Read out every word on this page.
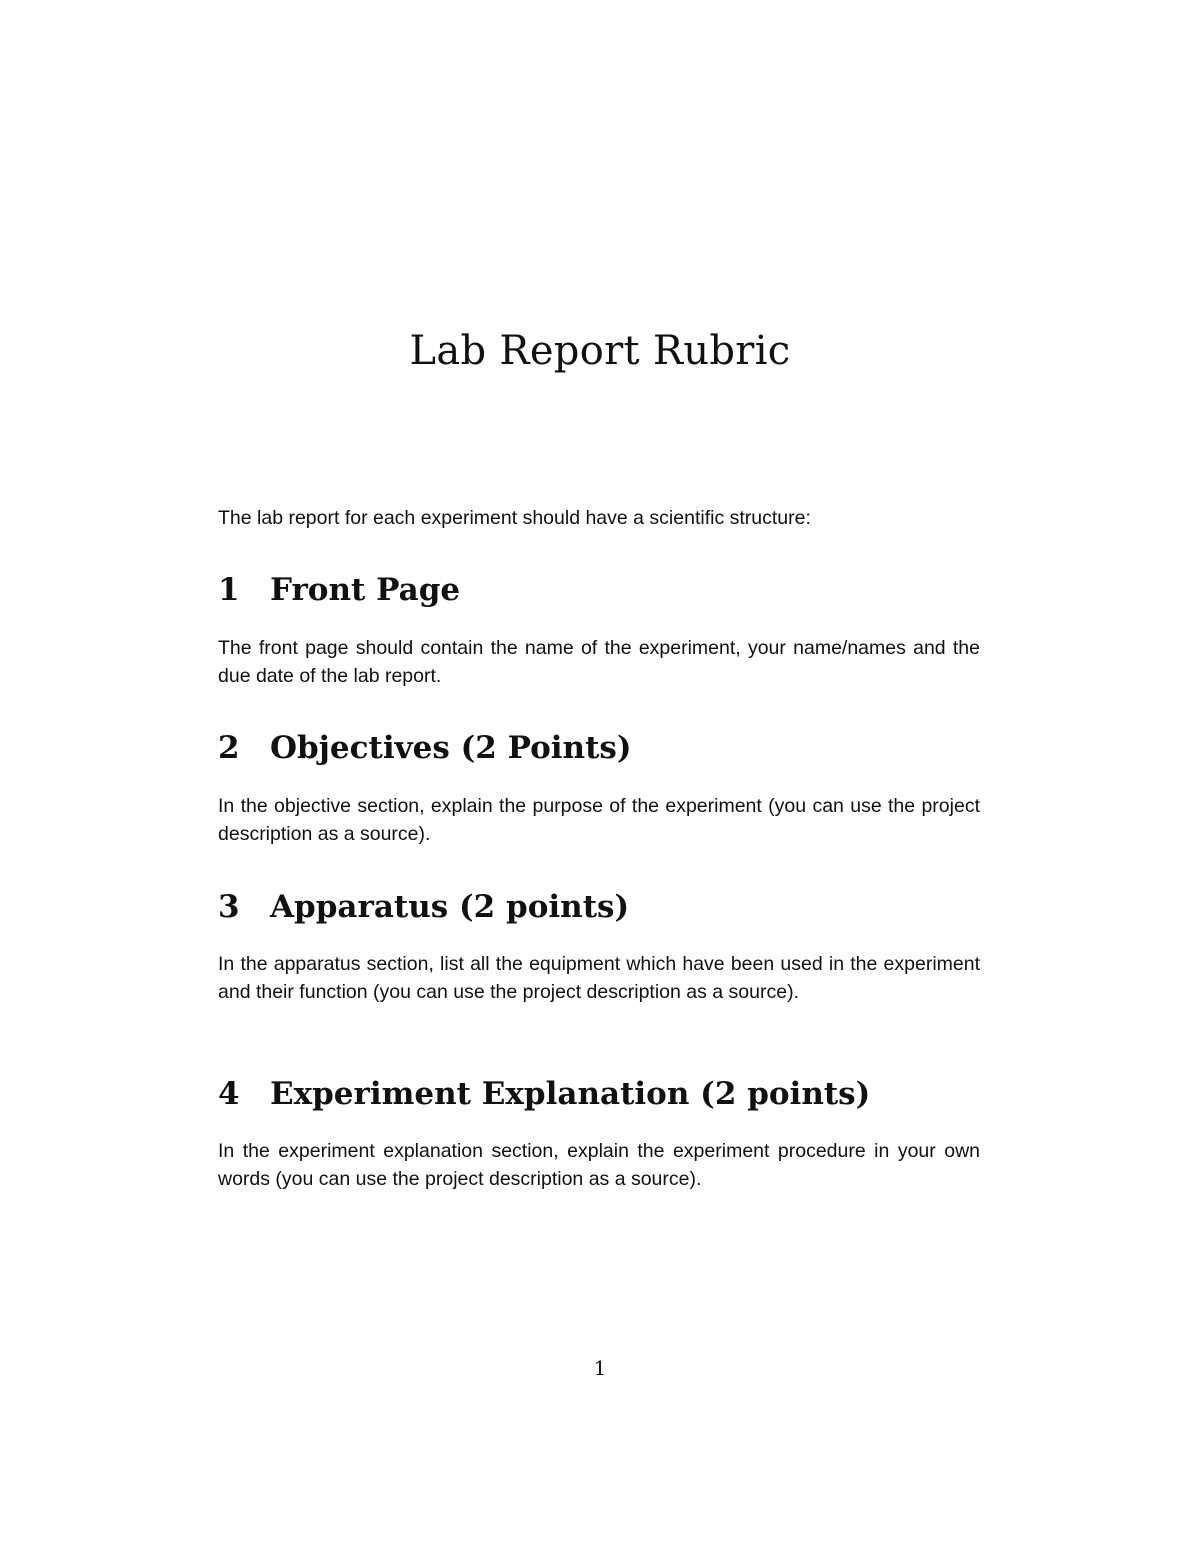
Lab Report Rubric

The lab report for each experiment should have a scientific structure:

1 Front Page

The front page should contain the name of the experiment, your name/names and the due date of the lab report.

2 Objectives (2 Points)

In the objective section, explain the purpose of the experiment (you can use the project description as a source).

3 Apparatus (2 points)

In the apparatus section, list all the equipment which have been used in the experiment and their function (you can use the project description as a source).

4 Experiment Explanation (2 points)

In the experiment explanation section, explain the experiment procedure in your own words (you can use the project description as a source).

1
